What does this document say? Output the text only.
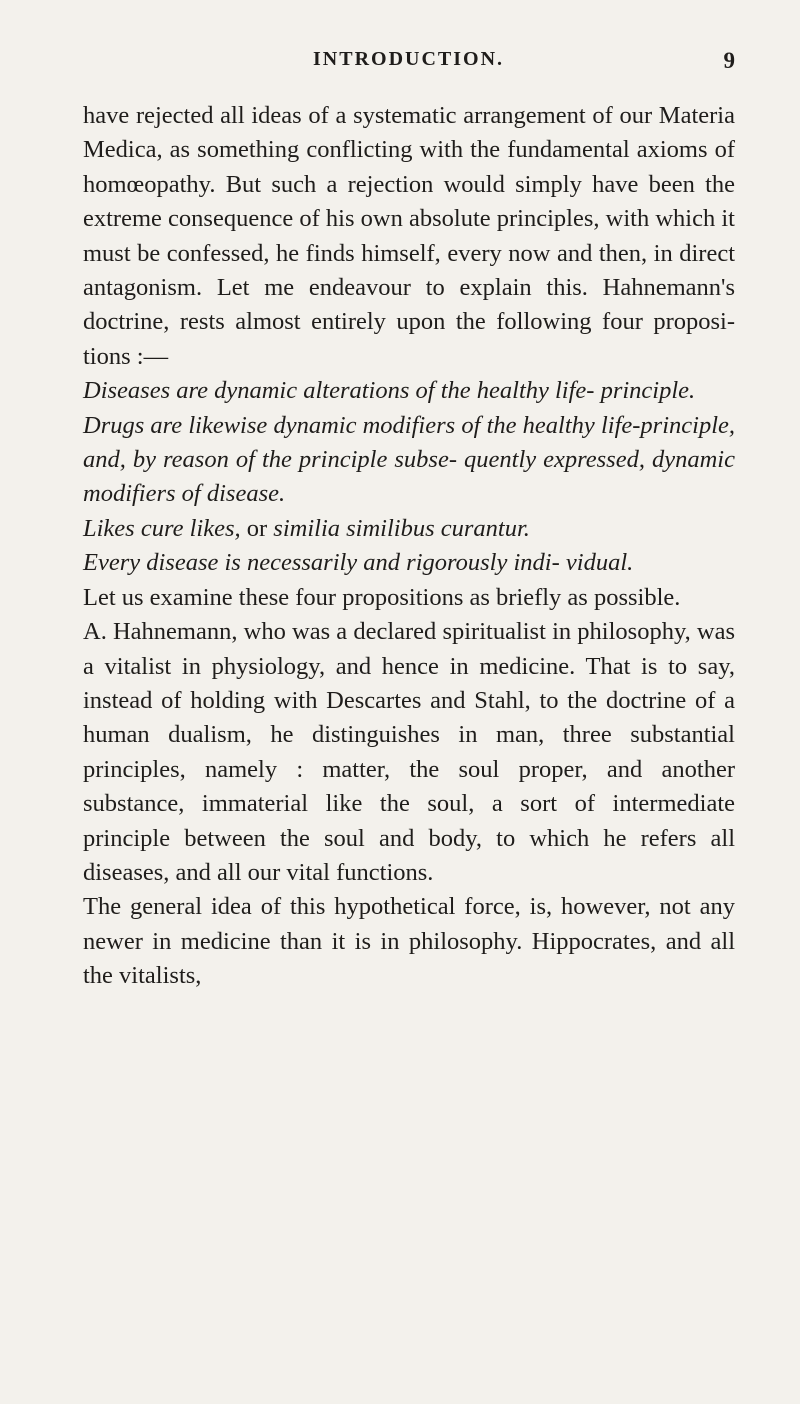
INTRODUCTION.	9

have rejected all ideas of a systematic arrangement of our Materia Medica, as something conflicting with the fundamental axioms of homœopathy. But such a rejection would simply have been the extreme consequence of his own absolute principles, with which it must be confessed, he finds himself, every now and then, in direct antagonism. Let me endeavour to explain this. Hahnemann's doctrine, rests almost entirely upon the following four proposi- tions :—

Diseases are dynamic alterations of the healthy life- principle.

Drugs are likewise dynamic modifiers of the healthy life-principle, and, by reason of the principle subse- quently expressed, dynamic modifiers of disease.

Likes cure likes, or similia similibus curantur.

Every disease is necessarily and rigorously indi- vidual.

Let us examine these four propositions as briefly as possible.

A. Hahnemann, who was a declared spiritualist in philosophy, was a vitalist in physiology, and hence in medicine. That is to say, instead of holding with Descartes and Stahl, to the doctrine of a human dualism, he distinguishes in man, three substantial principles, namely : matter, the soul proper, and another substance, immaterial like the soul, a sort of intermediate principle between the soul and body, to which he refers all diseases, and all our vital functions.

The general idea of this hypothetical force, is, however, not any newer in medicine than it is in philosophy. Hippocrates, and all the vitalists,
